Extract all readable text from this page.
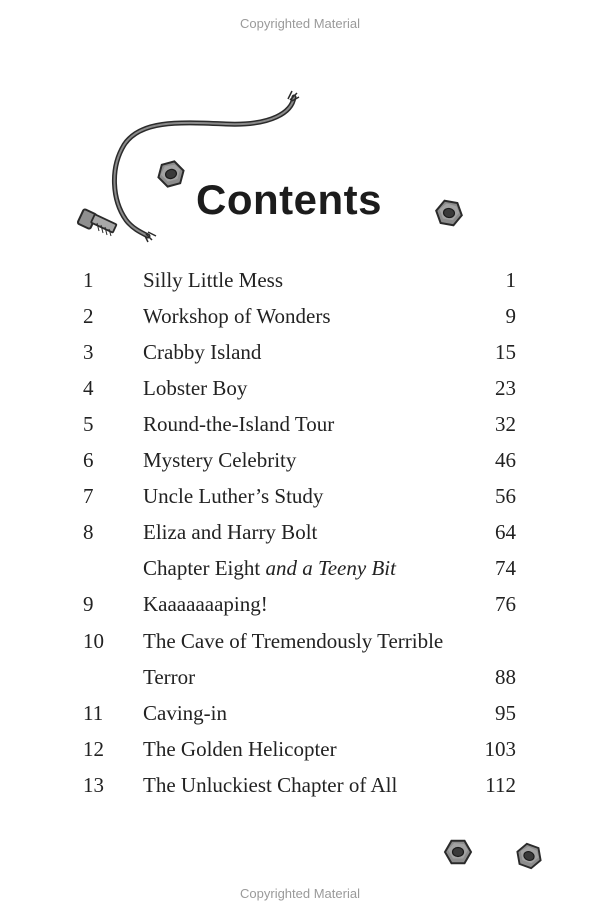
Copyrighted Material
Contents
1 Silly Little Mess	1
2 Workshop of Wonders	9
3 Crabby Island	15
4 Lobster Boy	23
5 Round-the-Island Tour	32
6 Mystery Celebrity	46
7 Uncle Luther’s Study	56
8 Eliza and Harry Bolt	64
Chapter Eight and a Teeny Bit	74
9 Kaaaaaaaping!	76
10 The Cave of Tremendously Terrible
Terror	88
11 Caving-in	95
12 The Golden Helicopter	103
13 The Unluckiest Chapter of All	112
Copyrighted Material
